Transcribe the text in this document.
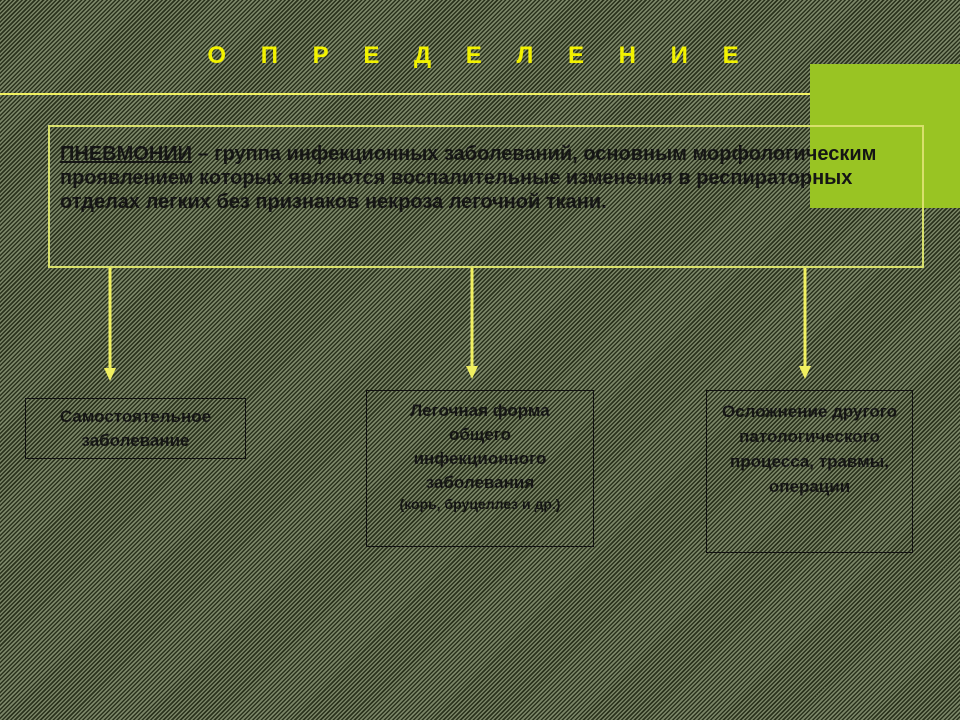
О П Р Е Д Е Л Е Н И Е
ПНЕВМОНИИ – группа инфекционных заболеваний, основным морфологическим проявлением которых являются воспалительные изменения в респираторных отделах легких без признаков некроза легочной ткани.
Самостоятельное заболевание
Легочная форма общего инфекционного заболевания
(корь, бруцеллез и др.)
Осложнение другого патологического процесса, травмы, операции
